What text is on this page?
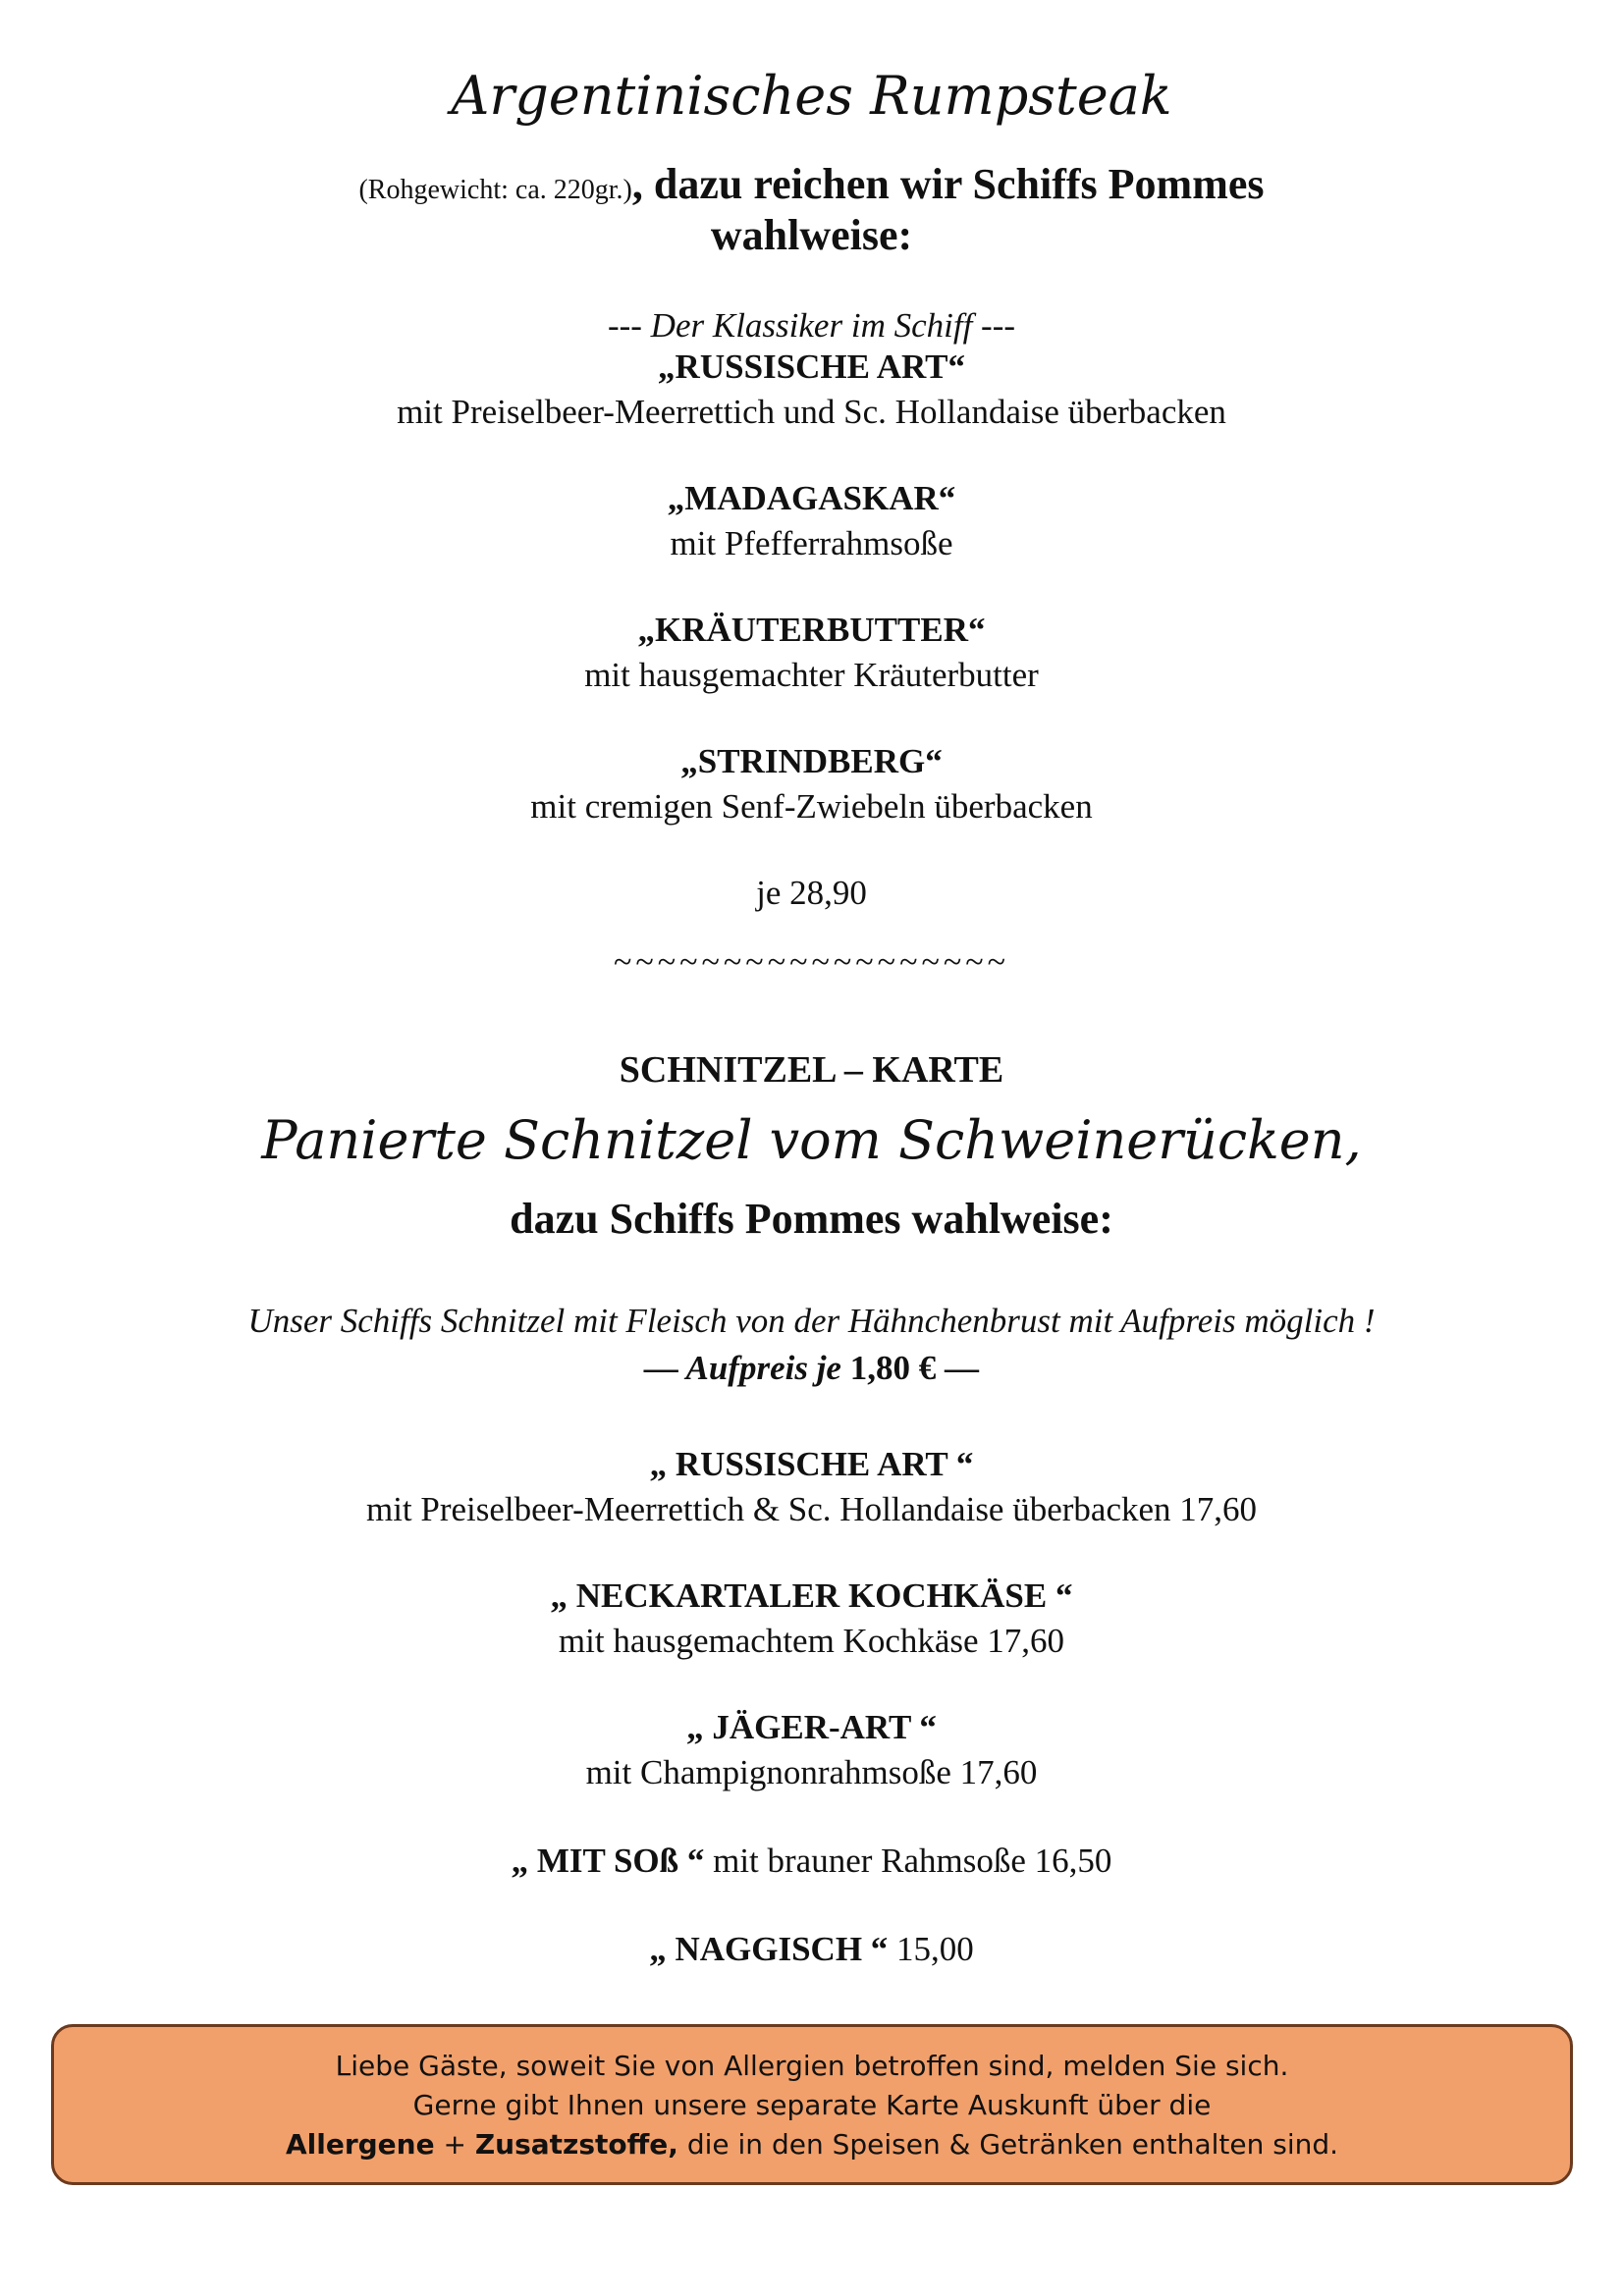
Argentinisches Rumpsteak
(Rohgewicht: ca. 220gr.), dazu reichen wir Schiffs Pommes
wahlweise:
--- Der Klassiker im Schiff ---
„RUSSISCHE ART“
mit Preiselbeer-Meerrettich und Sc. Hollandaise überbacken
„MADAGASKAR“
mit Pfefferrahmsoße
„KRÄUTERBUTTER“
mit hausgemachter Kräuterbutter
„STRINDBERG“
mit cremigen Senf-Zwiebeln überbacken
je 28,90
~~~~~~~~~~~~~~~~~~
SCHNITZEL – KARTE
Panierte Schnitzel vom Schweinerücken,
dazu Schiffs Pommes wahlweise:
Unser Schiffs Schnitzel mit Fleisch von der Hähnchenbrust mit Aufpreis möglich !
— Aufpreis je 1,80 € —
„ RUSSISCHE ART “
mit Preiselbeer-Meerrettich & Sc. Hollandaise überbacken 17,60
„ NECKARTALER KOCHKÄSE “
mit hausgemachtem Kochkäse 17,60
„ JÄGER-ART “
mit Champignonrahmsoße 17,60
„ MIT SOß “ mit brauner Rahmsoße 16,50
„ NAGGISCH “ 15,00
Liebe Gäste, soweit Sie von Allergien betroffen sind, melden Sie sich.
Gerne gibt Ihnen unsere separate Karte Auskunft über die
Allergene + Zusatzstoffe, die in den Speisen & Getränken enthalten sind.
